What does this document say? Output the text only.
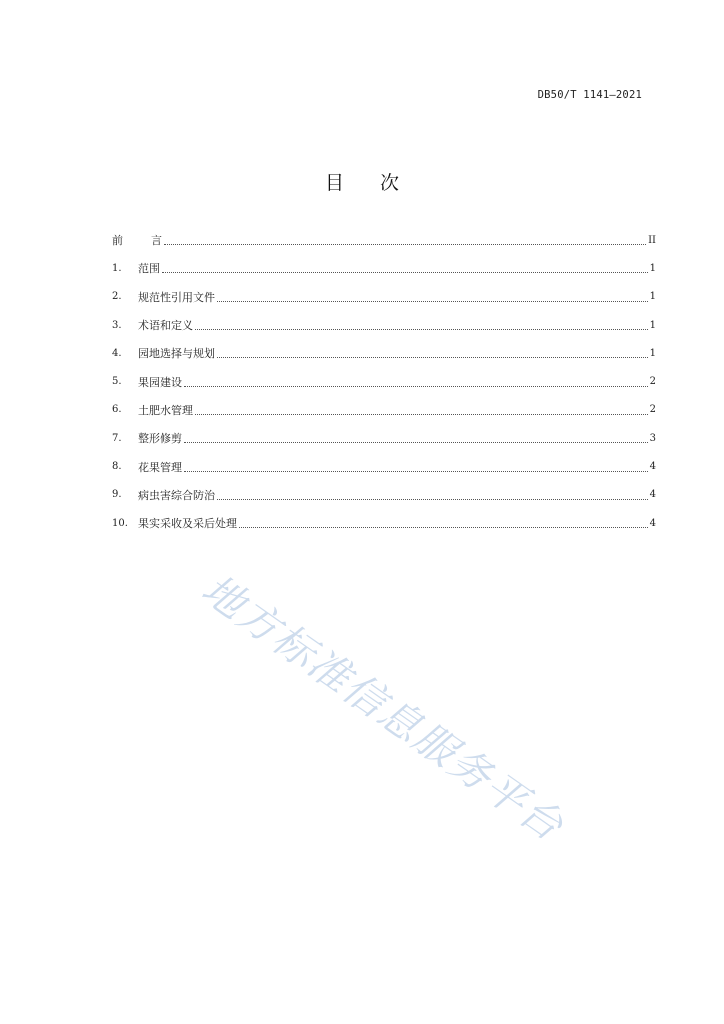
DB50/T 1141—2021
目 次
前	言	II
1.	范围	1
2.	规范性引用文件	1
3.	术语和定义	1
4.	园地选择与规划	1
5.	果园建设	2
6.	土肥水管理	2
7.	整形修剪	3
8.	花果管理	4
9.	病虫害综合防治	4
10. 果实采收及采后处理	4
地方标准信息服务平台
